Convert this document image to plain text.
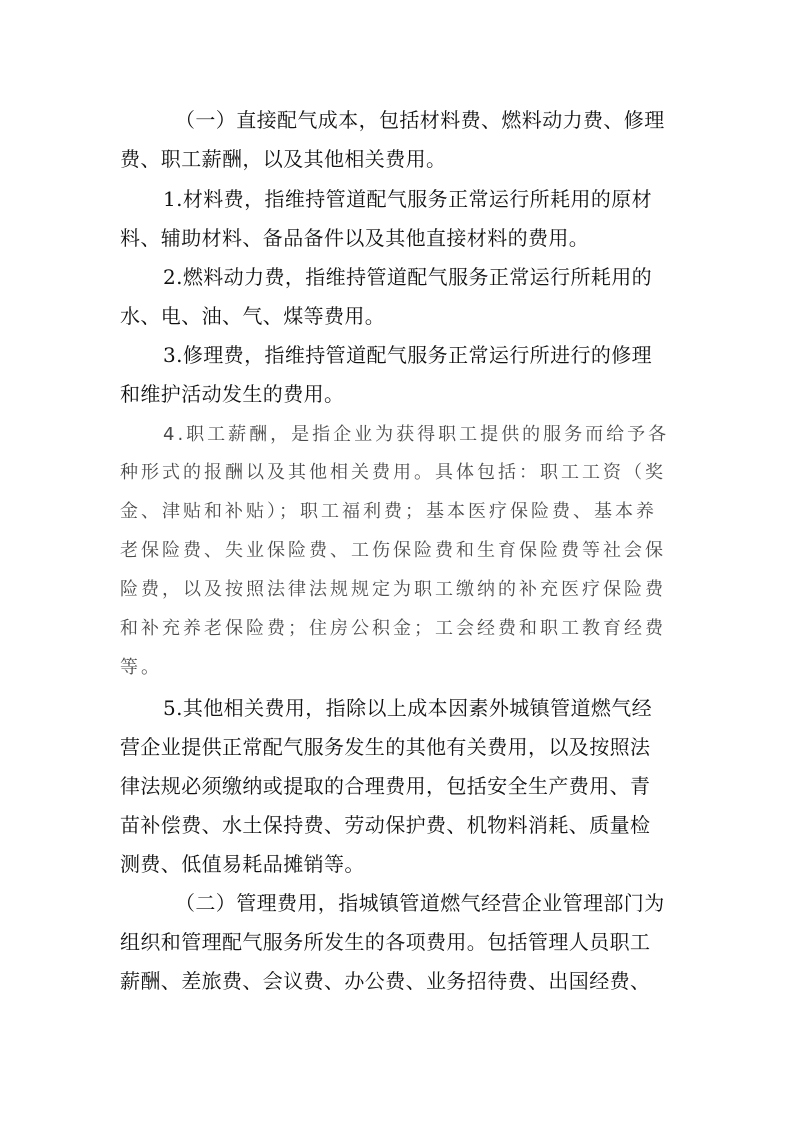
（一）直接配气成本，包括材料费、燃料动力费、修理
费、职工薪酬，以及其他相关费用。
1.材料费，指维持管道配气服务正常运行所耗用的原材
料、辅助材料、备品备件以及其他直接材料的费用。
2.燃料动力费，指维持管道配气服务正常运行所耗用的
水、电、油、气、煤等费用。
3.修理费，指维持管道配气服务正常运行所进行的修理
和维护活动发生的费用。
4.职工薪酬，是指企业为获得职工提供的服务而给予各
种形式的报酬以及其他相关费用。具体包括：职工工资（奖
金、津贴和补贴）；职工福利费；基本医疗保险费、基本养
老保险费、失业保险费、工伤保险费和生育保险费等社会保
险费，以及按照法律法规规定为职工缴纳的补充医疗保险费
和补充养老保险费；住房公积金；工会经费和职工教育经费
等。
5.其他相关费用，指除以上成本因素外城镇管道燃气经
营企业提供正常配气服务发生的其他有关费用，以及按照法
律法规必须缴纳或提取的合理费用，包括安全生产费用、青
苗补偿费、水土保持费、劳动保护费、机物料消耗、质量检
测费、低值易耗品摊销等。
（二）管理费用，指城镇管道燃气经营企业管理部门为
组织和管理配气服务所发生的各项费用。包括管理人员职工
薪酬、差旅费、会议费、办公费、业务招待费、出国经费、
